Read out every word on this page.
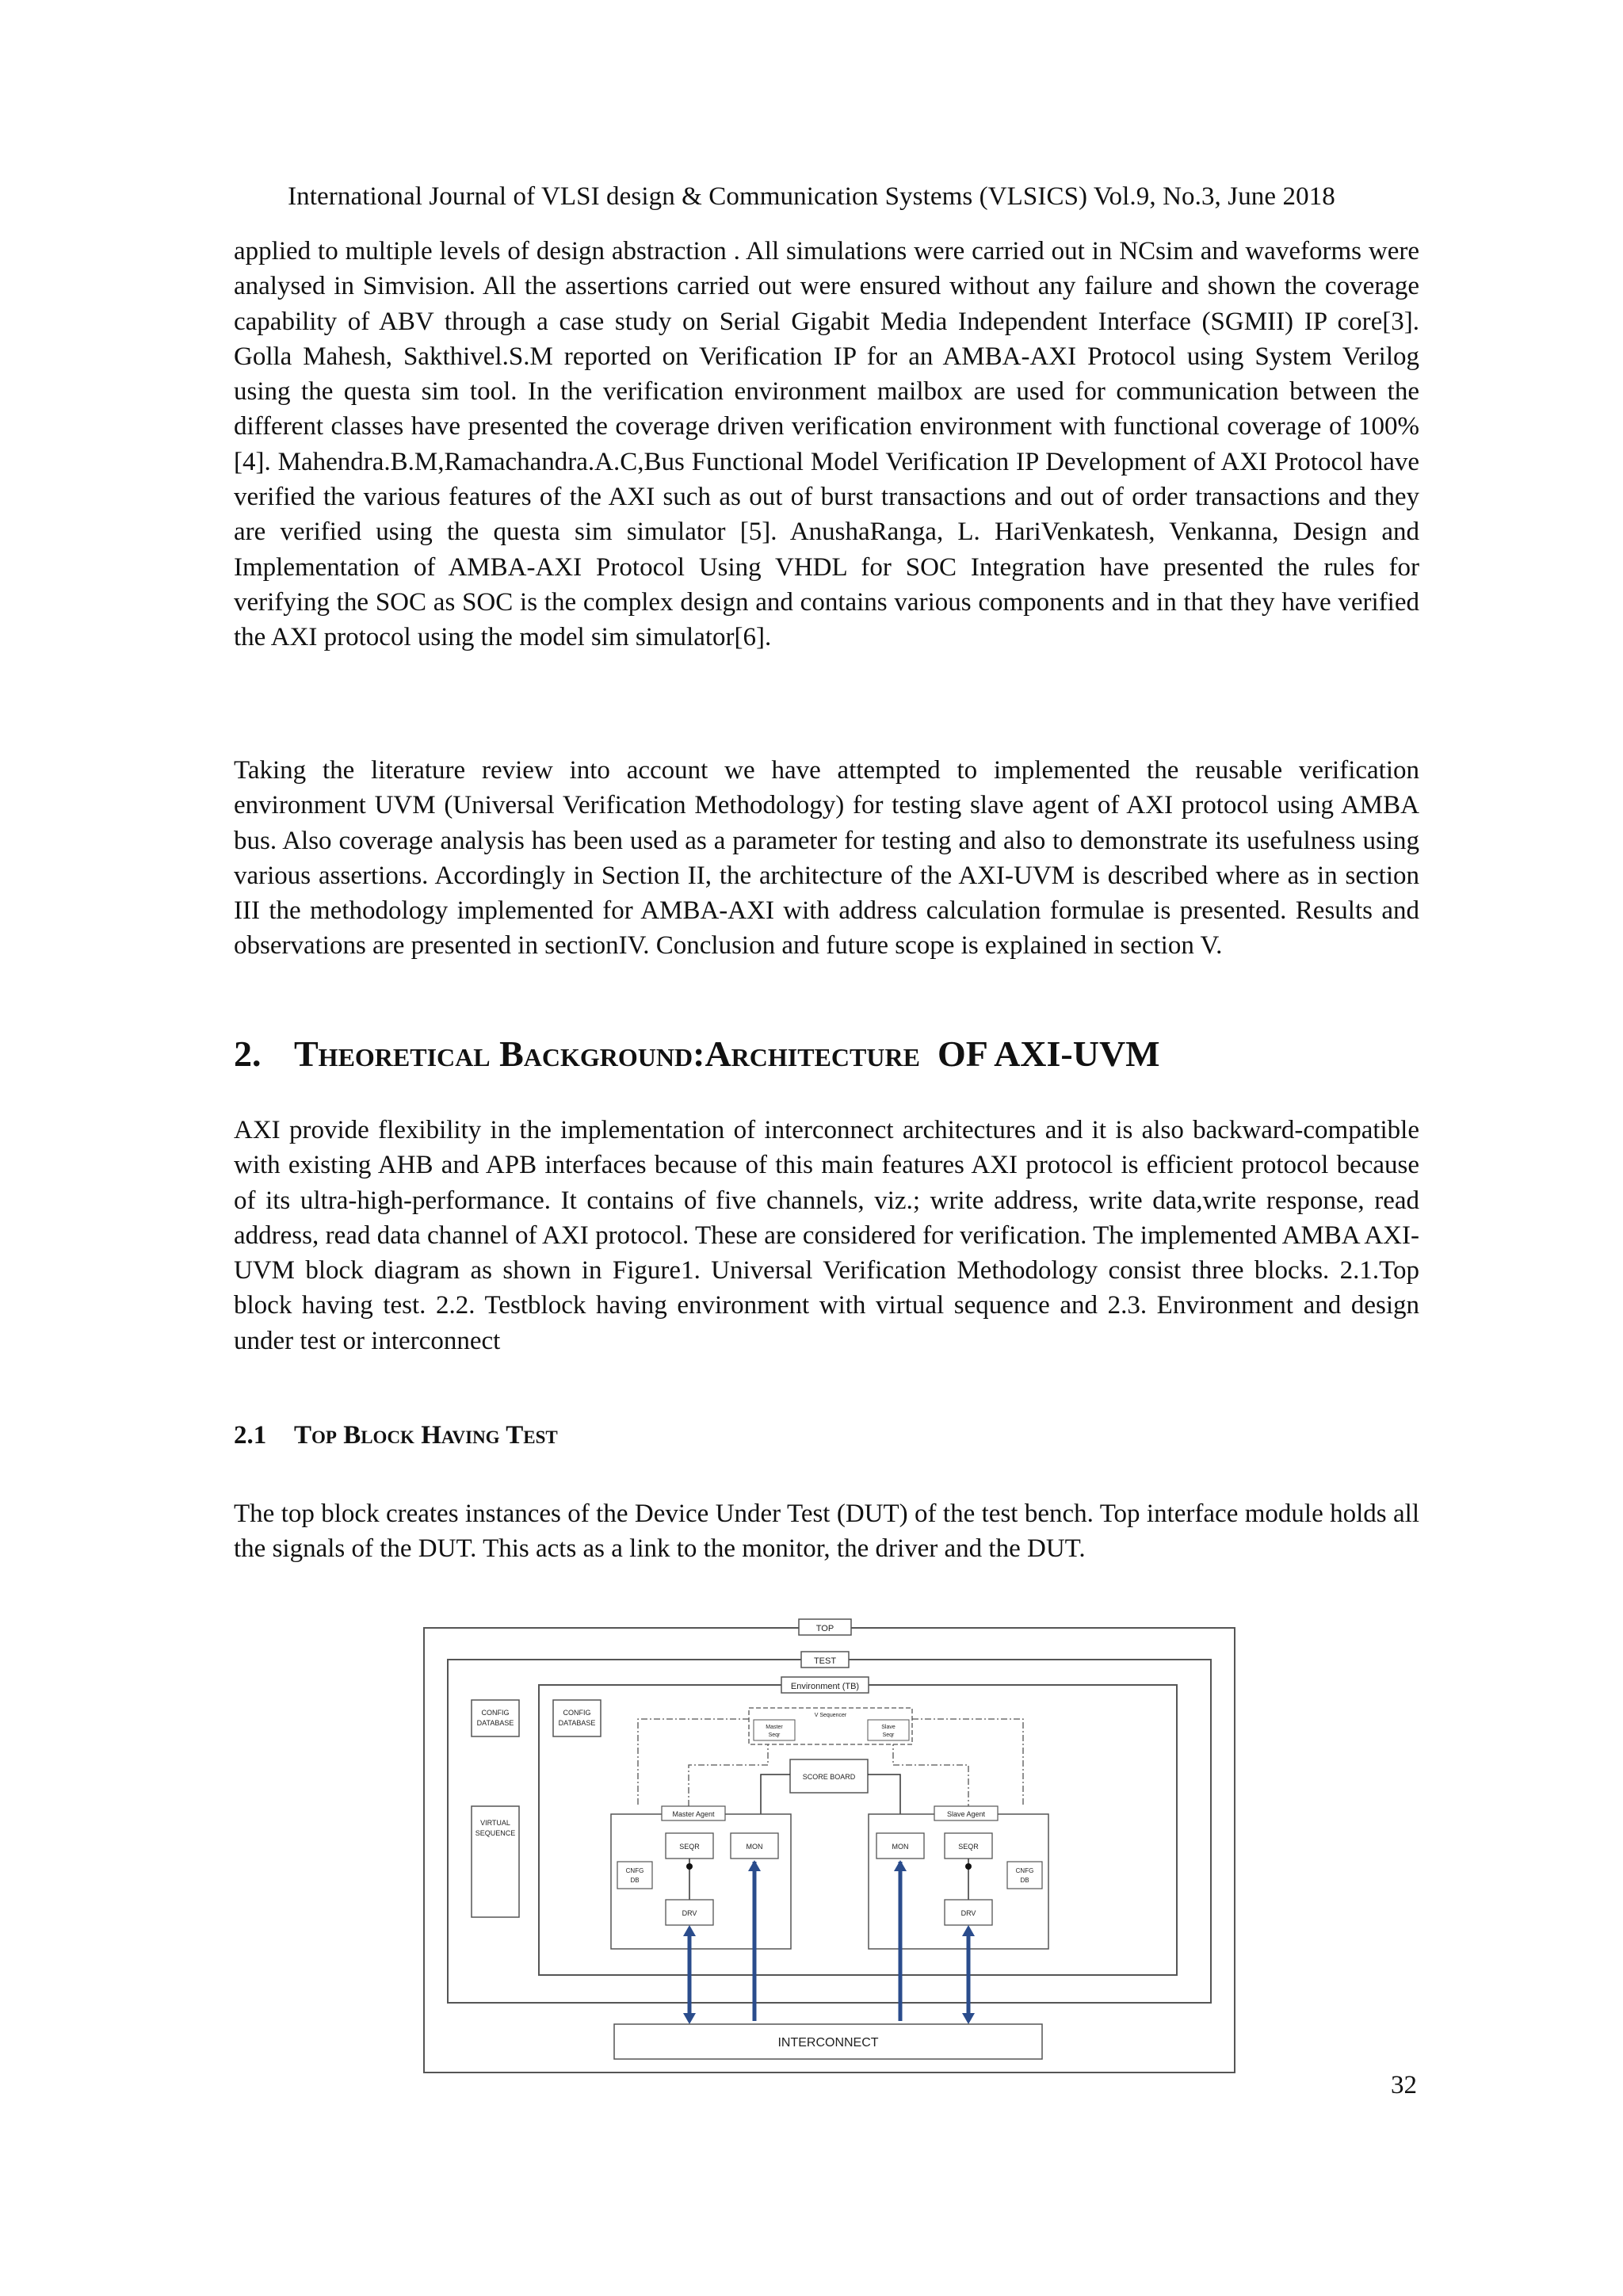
International Journal of VLSI design & Communication Systems (VLSICS) Vol.9, No.3, June 2018

applied to multiple levels of design abstraction . All simulations were carried out in NCsim and waveforms were analysed in Simvision. All the assertions carried out were ensured without any failure and shown the coverage capability of ABV through a case study on Serial Gigabit Media Independent Interface (SGMII) IP core[3]. Golla Mahesh, Sakthivel.S.M reported on Verification IP for an AMBA-AXI Protocol using System Verilog using the questa sim tool. In the verification environment mailbox are used for communication between the different classes have presented the coverage driven verification environment with functional coverage of 100%[4]. Mahendra.B.M,Ramachandra.A.C,Bus Functional Model Verification IP Development of AXI Protocol have verified the various features of the AXI such as out of burst transactions and out of order transactions and they are verified using the questa sim simulator [5]. AnushaRanga, L. HariVenkatesh, Venkanna, Design and Implementation of AMBA-AXI Protocol Using VHDL for SOC Integration have presented the rules for verifying the SOC as SOC is the complex design and contains various components and in that they have verified the AXI protocol using the model sim simulator[6].

Taking the literature review into account we have attempted to implemented the reusable verification environment UVM (Universal Verification Methodology) for testing slave agent of AXI protocol using AMBA bus. Also coverage analysis has been used as a parameter for testing and also to demonstrate its usefulness using various assertions. Accordingly in Section II, the architecture of the AXI-UVM is described where as in section III the methodology implemented for AMBA-AXI with address calculation formulae is presented. Results and observations are presented in sectionIV. Conclusion and future scope is explained in section V.

2. Theoretical Background:Architecture OF AXI-UVM

AXI provide flexibility in the implementation of interconnect architectures and it is also backward-compatible with existing AHB and APB interfaces because of this main features AXI protocol is efficient protocol because of its ultra-high-performance. It contains of five channels, viz.; write address, write data,write response, read address, read data channel of AXI protocol. These are considered for verification. The implemented AMBA AXI-UVM block diagram as shown in Figure1. Universal Verification Methodology consist three blocks. 2.1.Top block having test. 2.2. Testblock having environment with virtual sequence and 2.3. Environment and design under test or interconnect

2.1 Top Block Having Test

The top block creates instances of the Device Under Test (DUT) of the test bench. Top interface module holds all the signals of the DUT. This acts as a link to the monitor, the driver and the DUT.

TOP
TEST
Environment (TB)
CONFIG
DATABASE
CONFIG
DATABASE
VIRTUAL
SEQUENCE
V Sequencer
Master
Seqr
Slave
Seqr
SCORE BOARD
Master Agent
SEQR	MON
CNFG
DB
DRV
Slave Agent
MON	SEQR
CNFG
DB
DRV
INTERCONNECT
32
